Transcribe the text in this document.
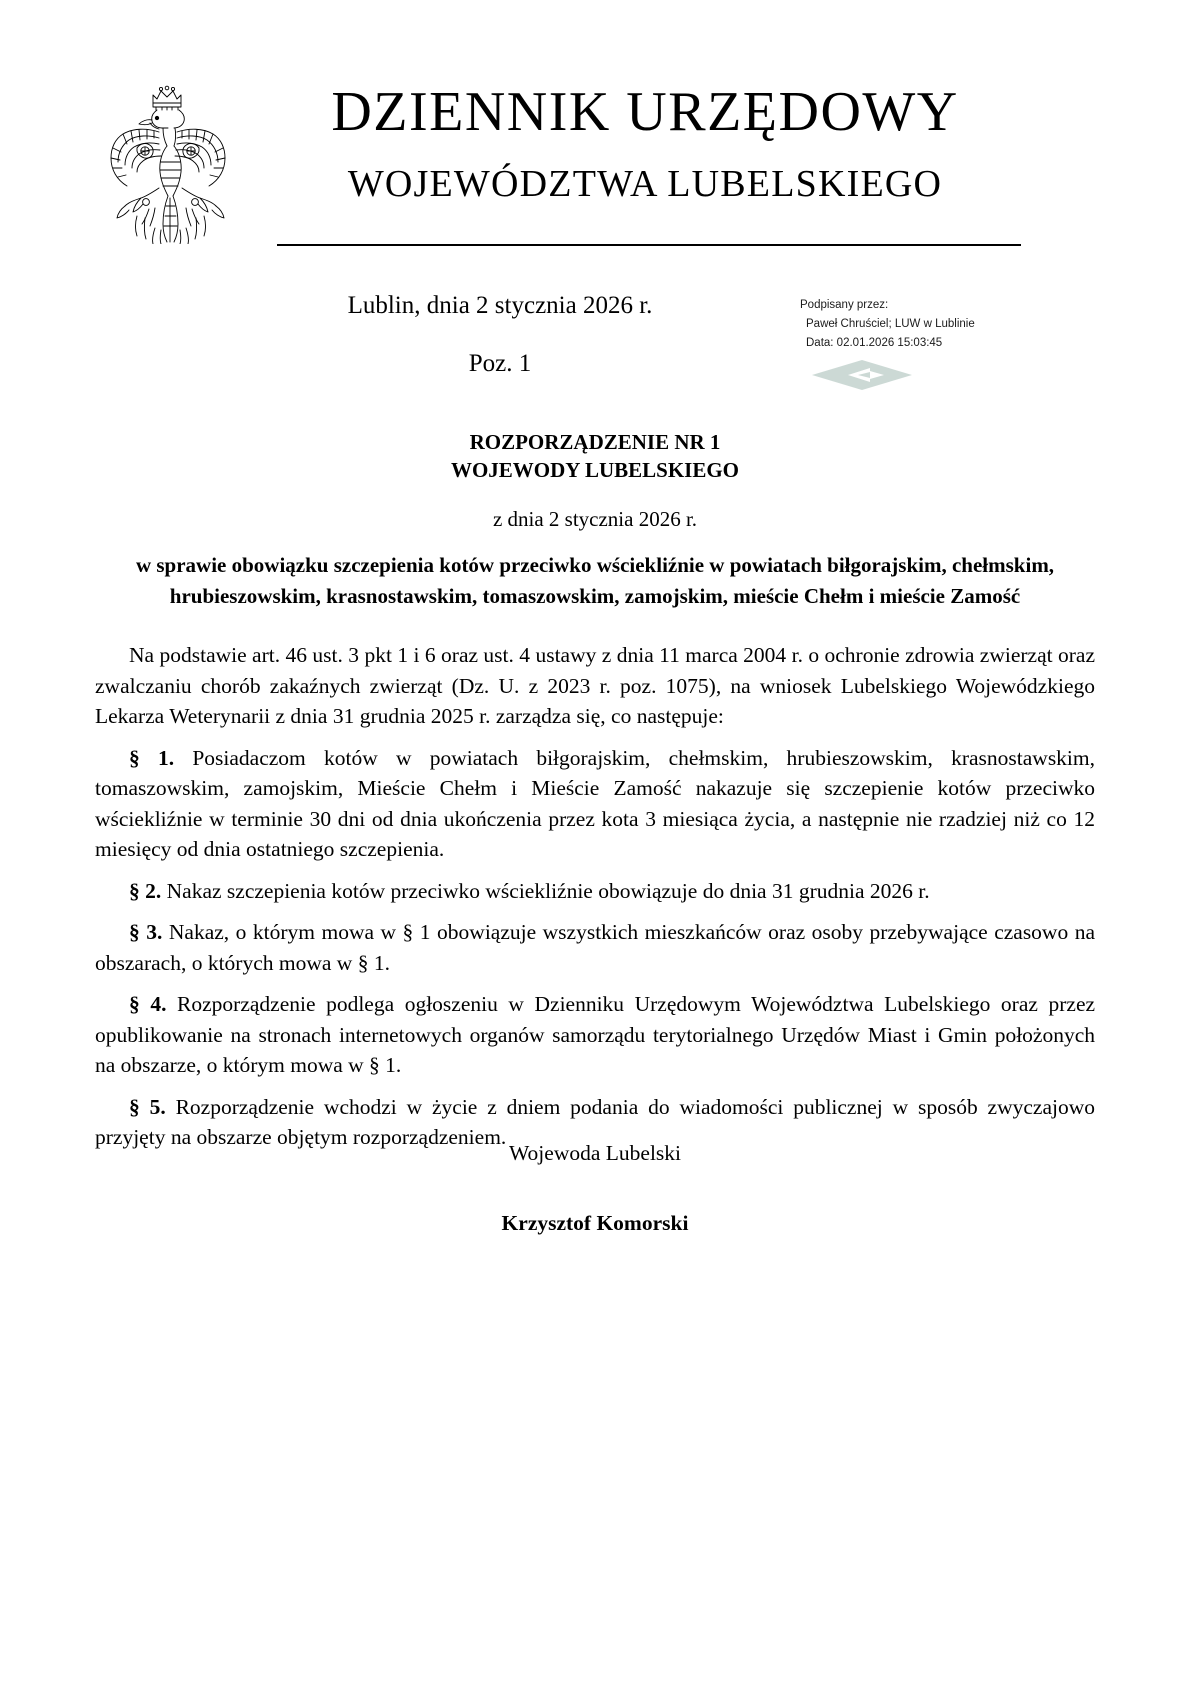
DZIENNIK URZĘDOWY
WOJEWÓDZTWA LUBELSKIEGO
Lublin, dnia 2 stycznia 2026 r.
Poz. 1
Podpisany przez:
Paweł Chruściel; LUW w Lublinie
Data: 02.01.2026 15:03:45
ROZPORZĄDZENIE NR 1
WOJEWODY LUBELSKIEGO
z dnia 2 stycznia 2026 r.
w sprawie obowiązku szczepienia kotów przeciwko wściekliźnie w powiatach biłgorajskim, chełmskim,
hrubieszowskim, krasnostawskim, tomaszowskim, zamojskim, mieście Chełm i mieście Zamość

Na podstawie art. 46 ust. 3 pkt 1 i 6 oraz ust. 4 ustawy z dnia 11 marca 2004 r. o ochronie zdrowia zwierząt oraz zwalczaniu chorób zakaźnych zwierząt (Dz. U. z 2023 r. poz. 1075), na wniosek Lubelskiego Wojewódzkiego Lekarza Weterynarii z dnia 31 grudnia 2025 r. zarządza się, co następuje:

§ 1. Posiadaczom kotów w powiatach biłgorajskim, chełmskim, hrubieszowskim, krasnostawskim, tomaszowskim, zamojskim, Mieście Chełm i Mieście Zamość nakazuje się szczepienie kotów przeciwko wściekliźnie w terminie 30 dni od dnia ukończenia przez kota 3 miesiąca życia, a następnie nie rzadziej niż co 12 miesięcy od dnia ostatniego szczepienia.

§ 2. Nakaz szczepienia kotów przeciwko wściekliźnie obowiązuje do dnia 31 grudnia 2026 r.

§ 3. Nakaz, o którym mowa w § 1 obowiązuje wszystkich mieszkańców oraz osoby przebywające czasowo na obszarach, o których mowa w § 1.

§ 4. Rozporządzenie podlega ogłoszeniu w Dzienniku Urzędowym Województwa Lubelskiego oraz przez opublikowanie na stronach internetowych organów samorządu terytorialnego Urzędów Miast i Gmin położonych na obszarze, o którym mowa w § 1.

§ 5. Rozporządzenie wchodzi w życie z dniem podania do wiadomości publicznej w sposób zwyczajowo przyjęty na obszarze objętym rozporządzeniem.

Wojewoda Lubelski
Krzysztof Komorski
